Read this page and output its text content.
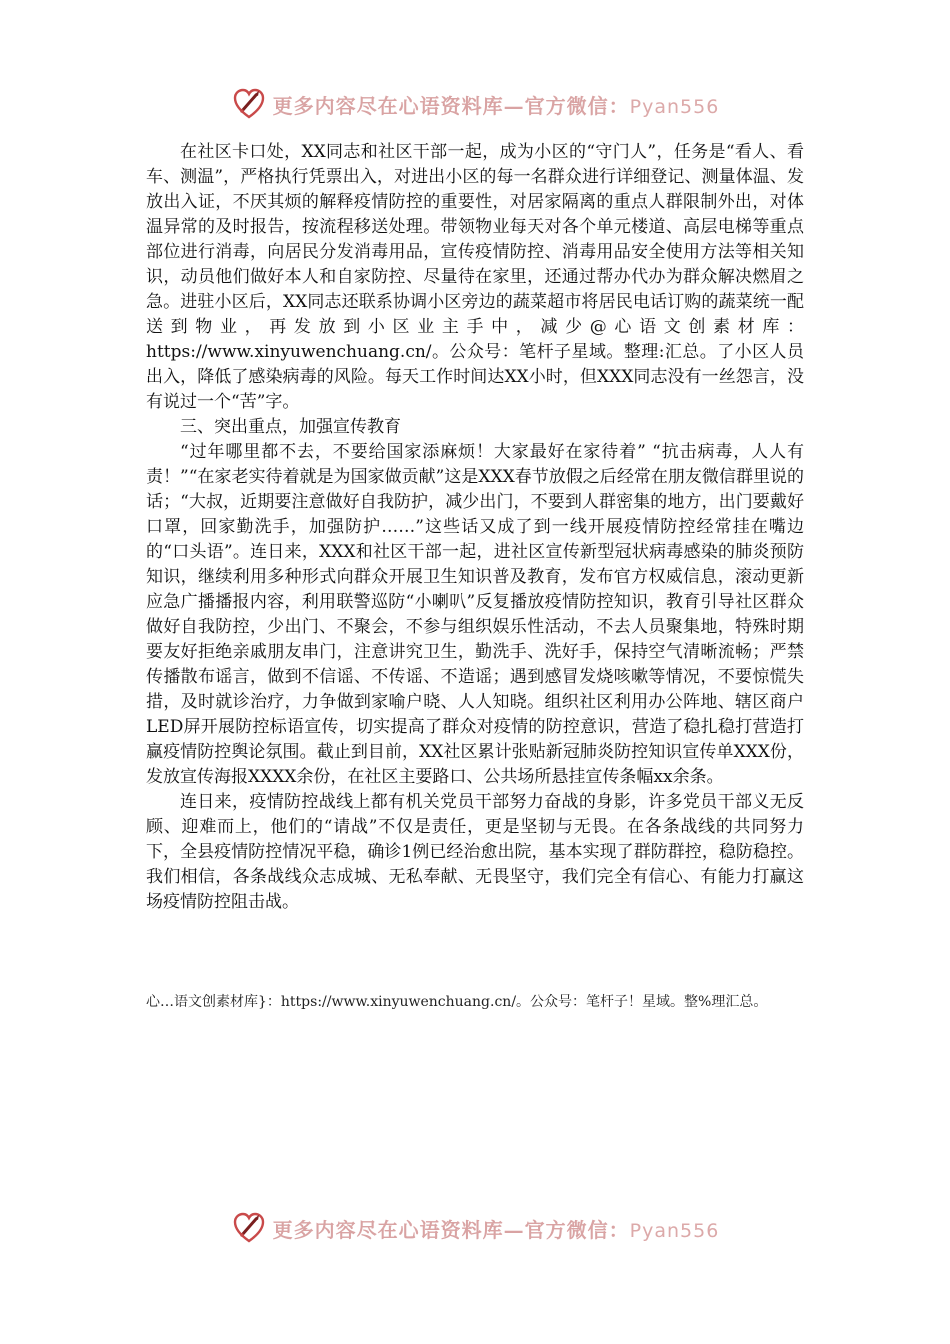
更多内容尽在心语资料库—官方微信：Pyan556

在社区卡口处，XX同志和社区干部一起，成为小区的“守门人”，任务是“看人、看车、测温”，严格执行凭票出入，对进出小区的每一名群众进行详细登记、测量体温、发放出入证，不厌其烦的解释疫情防控的重要性，对居家隔离的重点人群限制外出，对体温异常的及时报告，按流程移送处理。带领物业每天对各个单元楼道、高层电梯等重点部位进行消毒，向居民分发消毒用品，宣传疫情防控、消毒用品安全使用方法等相关知识，动员他们做好本人和自家防控、尽量待在家里，还通过帮办代办为群众解决燃眉之急。进驻小区后，XX同志还联系协调小区旁边的蔬菜超市将居民电话订购的蔬菜统一配送到物业，再发放到小区业主手中，减少@心语文创素材库：https://www.xinyuwenchuang.cn/。公众号：笔杆子星域。整理:汇总。了小区人员出入，降低了感染病毒的风险。每天工作时间达XX小时，但XXX同志没有一丝怨言，没有说过一个“苦”字。

三、突出重点，加强宣传教育

“过年哪里都不去，不要给国家添麻烦！大家最好在家待着” “抗击病毒，人人有责！”“在家老实待着就是为国家做贡献”这是XXX春节放假之后经常在朋友微信群里说的话；“大叔，近期要注意做好自我防护，减少出门，不要到人群密集的地方，出门要戴好口罩，回家勤洗手，加强防护……”这些话又成了到一线开展疫情防控经常挂在嘴边的“口头语”。连日来，XXX和社区干部一起，进社区宣传新型冠状病毒感染的肺炎预防知识，继续利用多种形式向群众开展卫生知识普及教育，发布官方权威信息，滚动更新应急广播播报内容，利用联警巡防“小喇叭”反复播放疫情防控知识，教育引导社区群众做好自我防控，少出门、不聚会，不参与组织娱乐性活动，不去人员聚集地，特殊时期要友好拒绝亲戚朋友串门，注意讲究卫生，勤洗手、洗好手，保持空气清晰流畅；严禁传播散布谣言，做到不信谣、不传谣、不造谣；遇到感冒发烧咳嗽等情况，不要惊慌失措，及时就诊治疗，力争做到家喻户晓、人人知晓。组织社区利用办公阵地、辖区商户LED屏开展防控标语宣传，切实提高了群众对疫情的防控意识，营造了稳扎稳打营造打赢疫情防控舆论氛围。截止到目前，XX社区累计张贴新冠肺炎防控知识宣传单XXX份，发放宣传海报XXXX余份，在社区主要路口、公共场所悬挂宣传条幅xx余条。

连日来，疫情防控战线上都有机关党员干部努力奋战的身影，许多党员干部义无反顾、迎难而上，他们的“请战”不仅是责任，更是坚韧与无畏。在各条战线的共同努力下，全县疫情防控情况平稳，确诊1例已经治愈出院，基本实现了群防群控，稳防稳控。我们相信，各条战线众志成城、无私奉献、无畏坚守，我们完全有信心、有能力打赢这场疫情防控阻击战。

心…语文创素材库}：https://www.xinyuwenchuang.cn/。公众号：笔杆子！星域。整%理汇总。
更多内容尽在心语资料库—官方微信：Pyan556
